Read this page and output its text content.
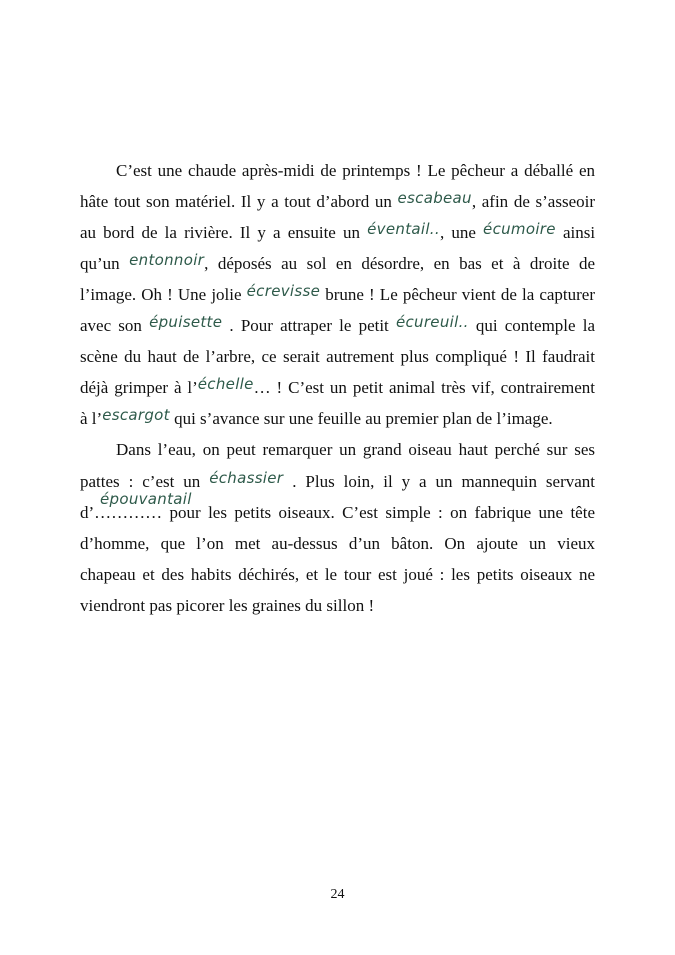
C’est une chaude après-midi de printemps ! Le pêcheur a déballé en
hâte tout son matériel. Il y a tout d’abord un escabeau, afin de s’asseoir
au bord de la rivière. Il y a ensuite un éventail.., une écumoire ainsi
qu’un entonnoir, déposés au sol en désordre, en bas et à droite de
l’image. Oh ! Une jolie écrevisse brune ! Le pêcheur vient de la capturer
avec son épuisette . Pour attraper le petit écureuil.. qui contemple la
scène du haut de l’arbre, ce serait autrement plus compliqué ! Il faudrait
déjà grimper à l’échelle… ! C’est un petit animal très vif, contrairement
à l’escargot qui s’avance sur une feuille au premier plan de l’image.
Dans l’eau, on peut remarquer un grand oiseau haut perché sur ses
pattes : c’est un échassier . Plus loin, il y a un mannequin servant
d’…………
épouvantail
pour les petits oiseaux. C’est simple : on fabrique une tête
d’homme, que l’on met au-dessus d’un bâton. On ajoute un vieux
chapeau et des habits déchirés, et le tour est joué : les petits oiseaux ne
viendront pas picorer les graines du sillon !
24
